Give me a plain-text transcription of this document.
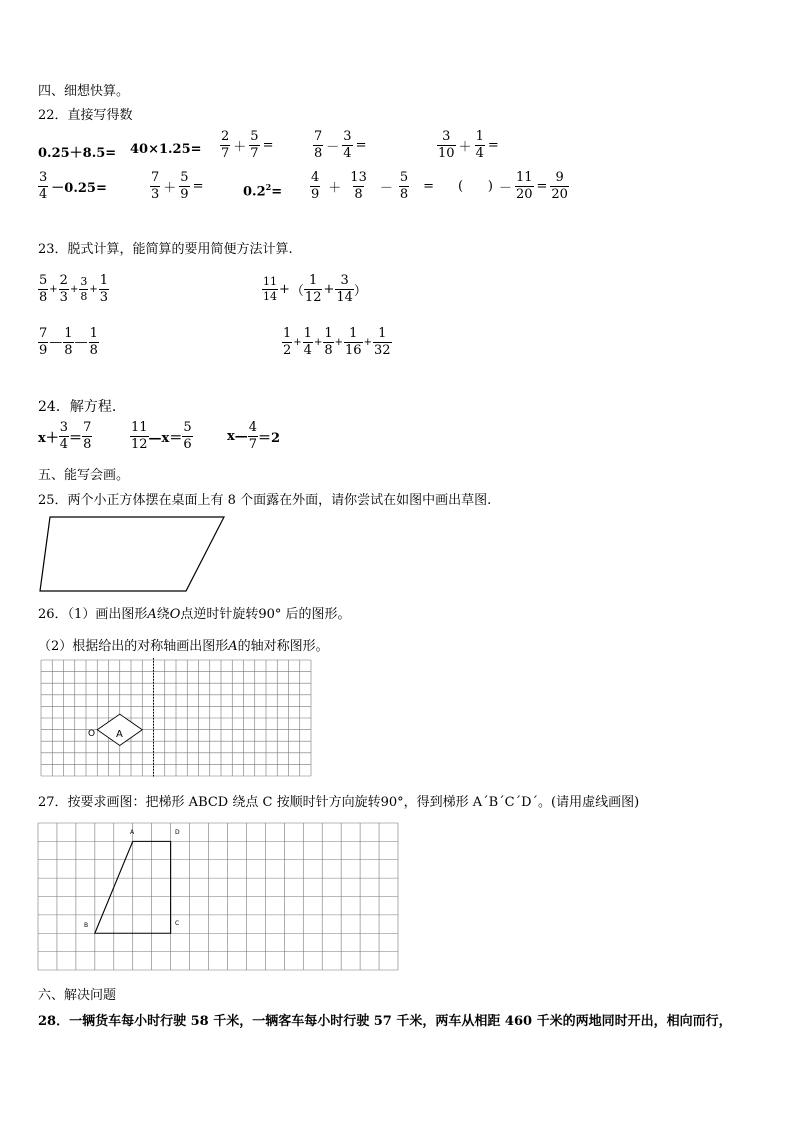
四、细想快算。
22．直接写得数
$0.25+8.5= 40\times 1.25= \frac{2}{7} + \frac{5}{7}$ =	$\frac{7}{8} - \frac{3}{4}$ =	$\frac{3}{10} + \frac{1}{4}$ =
$\frac{3}{4} -0.25=$	$\frac{7}{3} + \frac{5}{9}$ =	$0.2^2= \frac{4}{9} + \frac{13}{8} - \frac{5}{8}$ = (      ) － $\frac{11}{20} = \frac{9}{20}$
23．脱式计算，能简算的要用简便方法计算.
$\frac{5}{8} + \frac{2}{3} + \frac{3}{8} + \frac{1}{3}$	$\frac{11}{14}$ + （ $\frac{1}{12} + \frac{3}{14}$ ）
$\frac{7}{9}$ — $\frac{1}{8}$ — $\frac{1}{8}$	$\frac{1}{2} + \frac{1}{4} + \frac{1}{8} + \frac{1}{16} + \frac{1}{32}$
24．解方程.
$x+ \frac{3}{4} = \frac{7}{8}$	$\frac{11}{12}$ —x＝ $\frac{5}{6}$	x— $\frac{4}{7} =2$
五、能写会画。
25．两个小正方体摆在桌面上有 8 个面露在外面，请你尝试在如图中画出草图.
26．（1）画出图形𝐴绕𝑂点逆时针旋转90° 后的图形。
（2）根据给出的对称轴画出图形𝐴的轴对称图形。
O A
27．按要求画图：把梯形 ABCD 绕点 C 按顺时针方向旋转90°，得到梯形 A´B´C´D´。(请用虚线画图)
A	D
B	C
六、解决问题
28．一辆货车每小时行驶 58 千米，一辆客车每小时行驶 57 千米，两车从相距 460 千米的两地同时开出，相向而行，
